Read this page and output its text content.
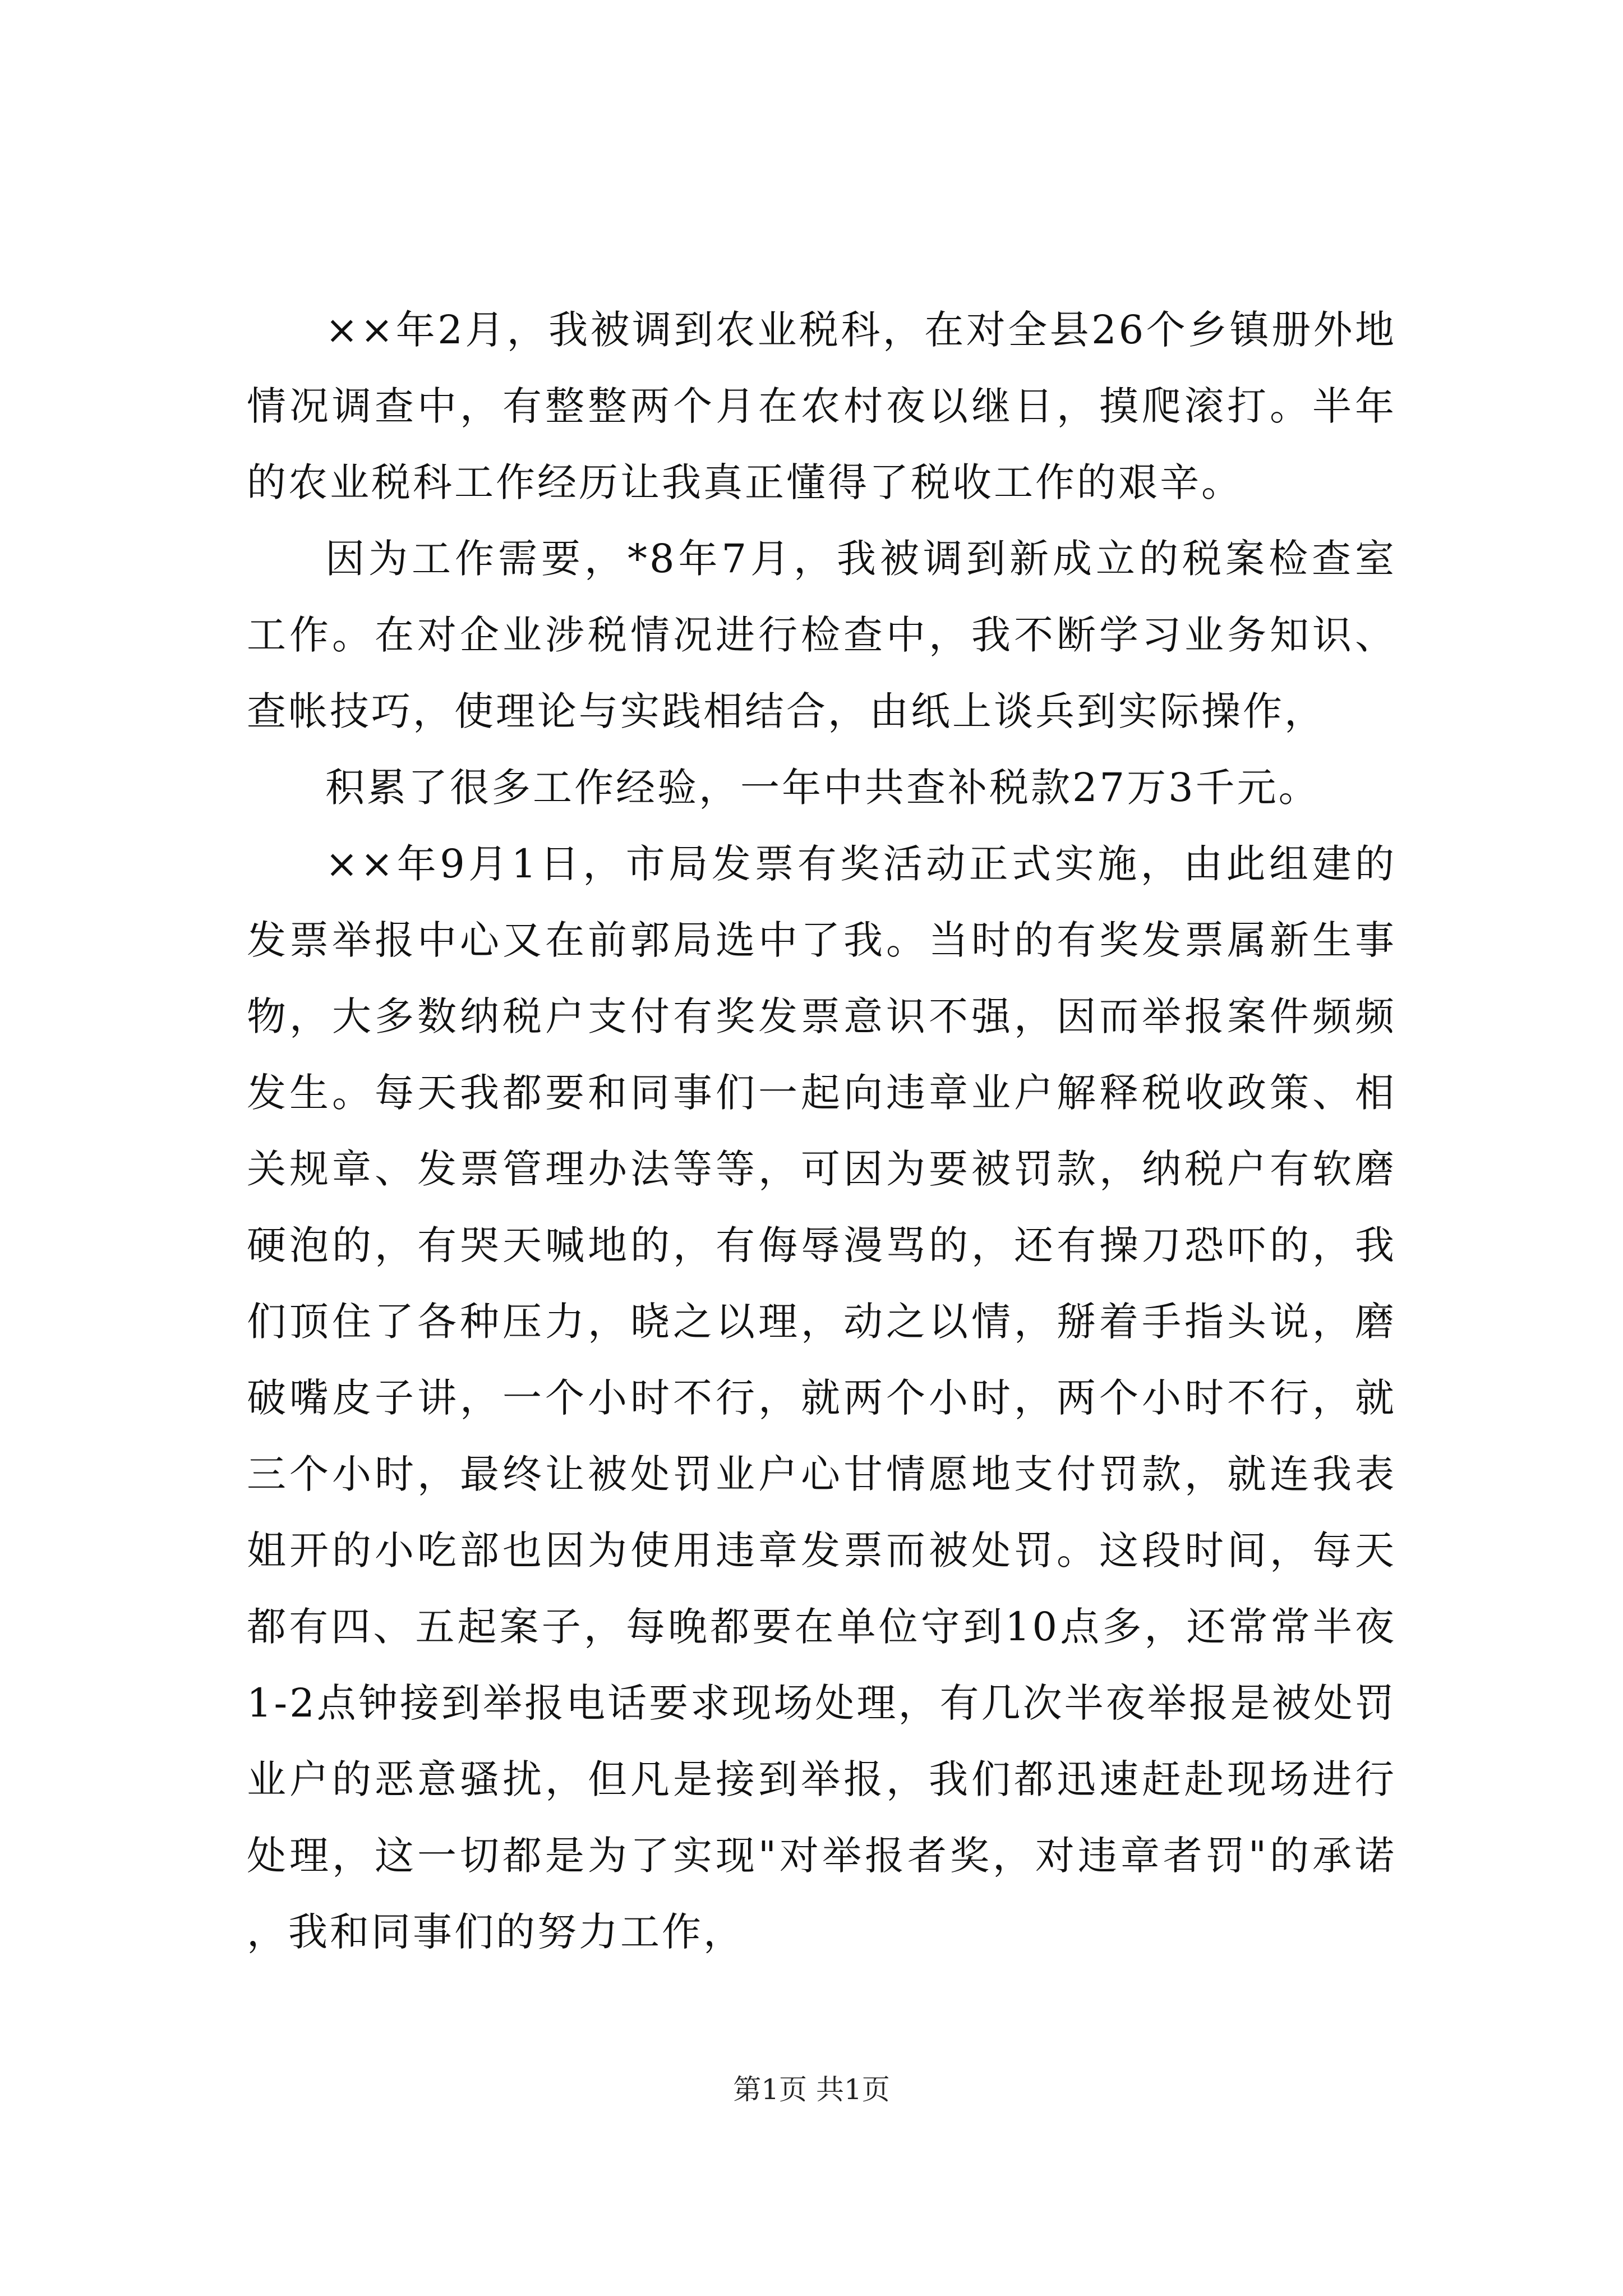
××年2月，我被调到农业税科，在对全县26个乡镇册外地情况调查中，有整整两个月在农村夜以继日，摸爬滚打。半年的农业税科工作经历让我真正懂得了税收工作的艰辛。

因为工作需要，*8年7月，我被调到新成立的税案检查室工作。在对企业涉税情况进行检查中，我不断学习业务知识、查帐技巧，使理论与实践相结合，由纸上谈兵到实际操作，

积累了很多工作经验，一年中共查补税款27万3千元。

××年9月1日，市局发票有奖活动正式实施，由此组建的发票举报中心又在前郭局选中了我。当时的有奖发票属新生事物，大多数纳税户支付有奖发票意识不强，因而举报案件频频发生。每天我都要和同事们一起向违章业户解释税收政策、相关规章、发票管理办法等等，可因为要被罚款，纳税户有软磨硬泡的，有哭天喊地的，有侮辱漫骂的，还有操刀恐吓的，我们顶住了各种压力，晓之以理，动之以情，掰着手指头说，磨破嘴皮子讲，一个小时不行，就两个小时，两个小时不行，就三个小时，最终让被处罚业户心甘情愿地支付罚款，就连我表姐开的小吃部也因为使用违章发票而被处罚。这段时间，每天都有四、五起案子，每晚都要在单位守到10点多，还常常半夜1-2点钟接到举报电话要求现场处理，有几次半夜举报是被处罚业户的恶意骚扰，但凡是接到举报，我们都迅速赶赴现场进行处理，这一切都是为了实现"对举报者奖，对违章者罚"的承诺，我和同事们的努力工作，

第1页 共1页
